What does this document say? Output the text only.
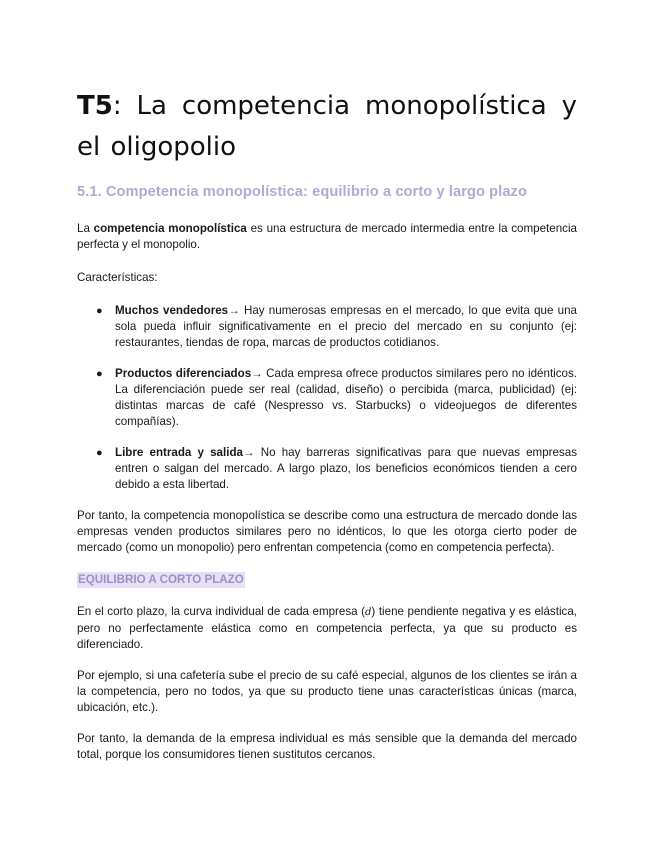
T5: La competencia monopolística y el oligopolio
5.1. Competencia monopolística: equilibrio a corto y largo plazo

La competencia monopolística es una estructura de mercado intermedia entre la competencia perfecta y el monopolio.

Características:

● Muchos vendedores→ Hay numerosas empresas en el mercado, lo que evita que una sola pueda influir significativamente en el precio del mercado en su conjunto (ej: restaurantes, tiendas de ropa, marcas de productos cotidianos.
● Productos diferenciados→ Cada empresa ofrece productos similares pero no idénticos. La diferenciación puede ser real (calidad, diseño) o percibida (marca, publicidad) (ej: distintas marcas de café (Nespresso vs. Starbucks) o videojuegos de diferentes compañías).
● Libre entrada y salida→ No hay barreras significativas para que nuevas empresas entren o salgan del mercado. A largo plazo, los beneficios económicos tienden a cero debido a esta libertad.

Por tanto, la competencia monopolística se describe como una estructura de mercado donde las empresas venden productos similares pero no idénticos, lo que les otorga cierto poder de mercado (como un monopolio) pero enfrentan competencia (como en competencia perfecta).

EQUILIBRIO A CORTO PLAZO

En el corto plazo, la curva individual de cada empresa (d) tiene pendiente negativa y es elástica, pero no perfectamente elástica como en competencia perfecta, ya que su producto es diferenciado.

Por ejemplo, si una cafetería sube el precio de su café especial, algunos de los clientes se irán a la competencia, pero no todos, ya que su producto tiene unas características únicas (marca, ubicación, etc.).

Por tanto, la demanda de la empresa individual es más sensible que la demanda del mercado total, porque los consumidores tienen sustitutos cercanos.
